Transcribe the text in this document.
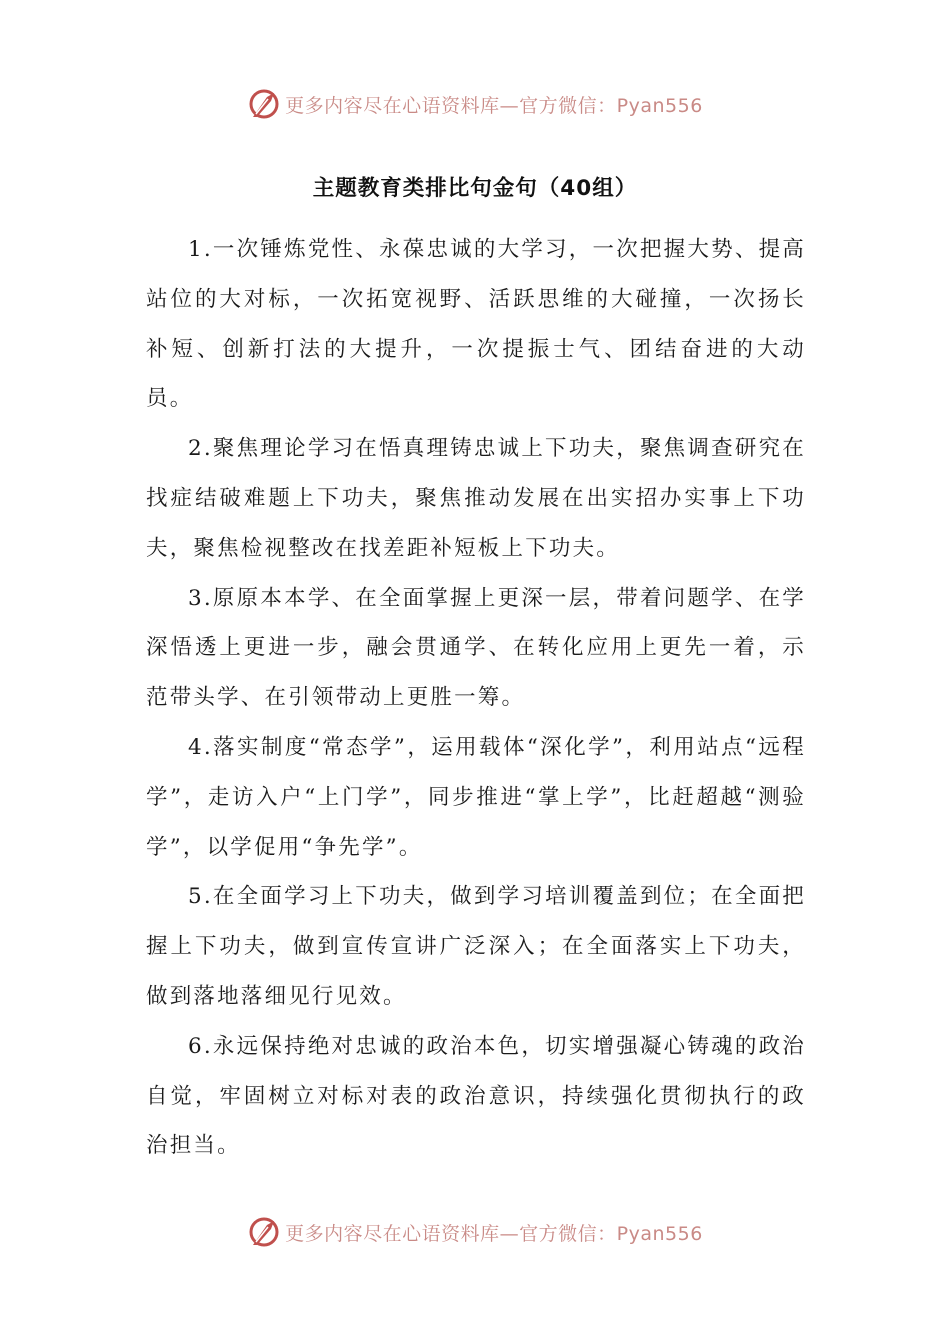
更多内容尽在心语资料库—官方微信：Pyan556
主题教育类排比句金句（40组）

1.一次锤炼党性、永葆忠诚的大学习，一次把握大势、提高站位的大对标，一次拓宽视野、活跃思维的大碰撞，一次扬长补短、创新打法的大提升，一次提振士气、团结奋进的大动员。

2.聚焦理论学习在悟真理铸忠诚上下功夫，聚焦调查研究在找症结破难题上下功夫，聚焦推动发展在出实招办实事上下功夫，聚焦检视整改在找差距补短板上下功夫。

3.原原本本学、在全面掌握上更深一层，带着问题学、在学深悟透上更进一步，融会贯通学、在转化应用上更先一着，示范带头学、在引领带动上更胜一筹。

4.落实制度“常态学”，运用载体“深化学”，利用站点“远程学”，走访入户“上门学”，同步推进“掌上学”，比赶超越“测验学”，以学促用“争先学”。

5.在全面学习上下功夫，做到学习培训覆盖到位；在全面把握上下功夫，做到宣传宣讲广泛深入；在全面落实上下功夫，做到落地落细见行见效。

6.永远保持绝对忠诚的政治本色，切实增强凝心铸魂的政治自觉，牢固树立对标对表的政治意识，持续强化贯彻执行的政治担当。

更多内容尽在心语资料库—官方微信：Pyan556
